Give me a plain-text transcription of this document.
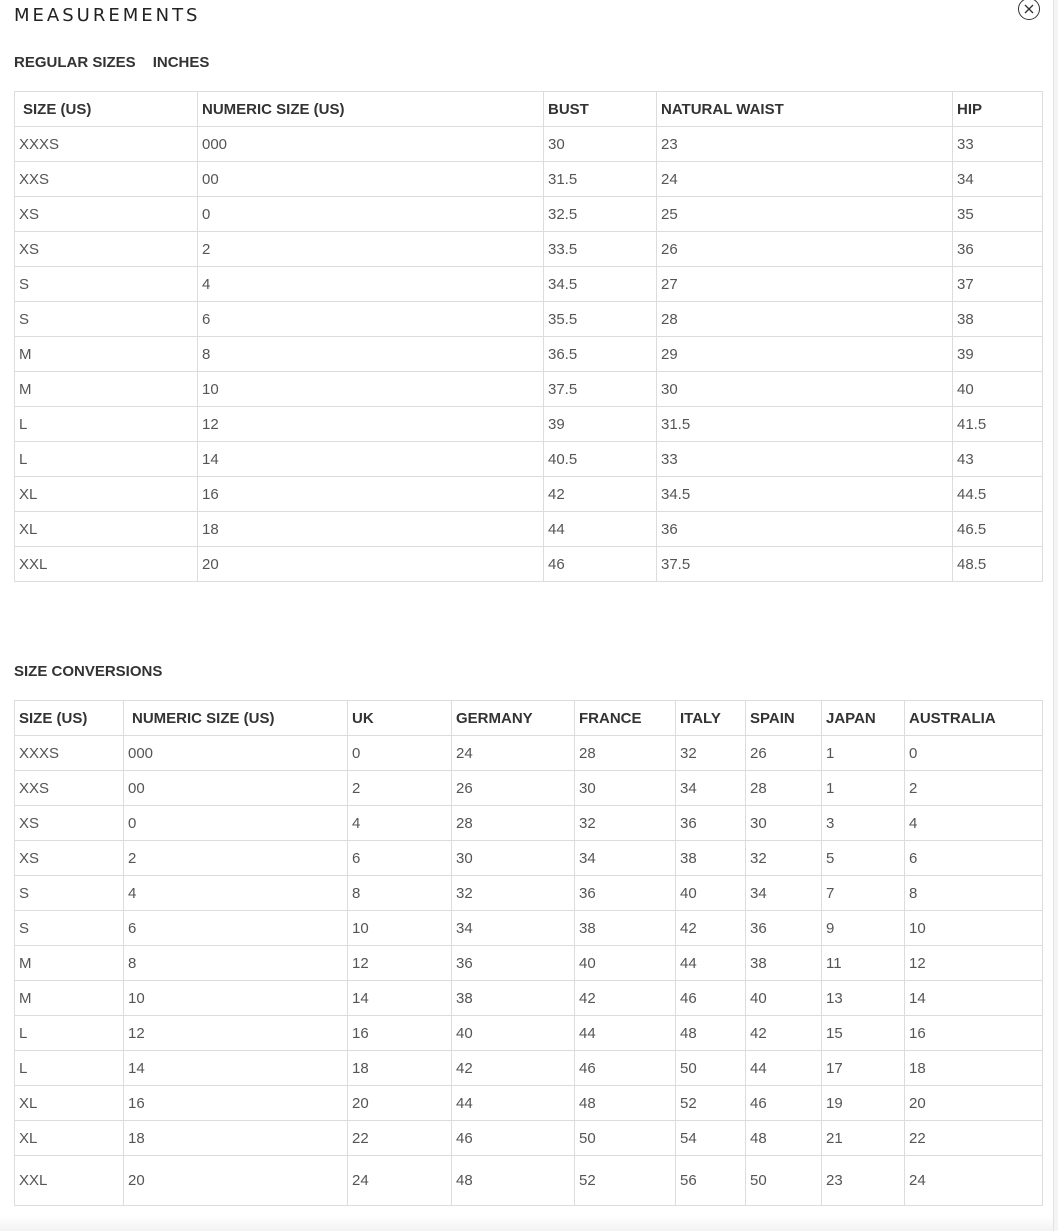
MEASUREMENTS
REGULAR SIZES INCHES
SIZE (US)	NUMERIC SIZE (US)	BUST	NATURAL WAIST	HIP
XXXS	000	30	23	33
XXS	00	31.5	24	34
XS	0	32.5	25	35
XS	2	33.5	26	36
S	4	34.5	27	37
S	6	35.5	28	38
M	8	36.5	29	39
M	10	37.5	30	40
L	12	39	31.5	41.5
L	14	40.5	33	43
XL	16	42	34.5	44.5
XL	18	44	36	46.5
XXL	20	46	37.5	48.5
SIZE CONVERSIONS
SIZE (US)	NUMERIC SIZE (US)	UK	GERMANY	FRANCE	ITALY	SPAIN	JAPAN	AUSTRALIA
XXXS	000	0	24	28	32	26	1	0
XXS	00	2	26	30	34	28	1	2
XS	0	4	28	32	36	30	3	4
XS	2	6	30	34	38	32	5	6
S	4	8	32	36	40	34	7	8
S	6	10	34	38	42	36	9	10
M	8	12	36	40	44	38	11	12
M	10	14	38	42	46	40	13	14
L	12	16	40	44	48	42	15	16
L	14	18	42	46	50	44	17	18
XL	16	20	44	48	52	46	19	20
XL	18	22	46	50	54	48	21	22
XXL	20	24	48	52	56	50	23	24
